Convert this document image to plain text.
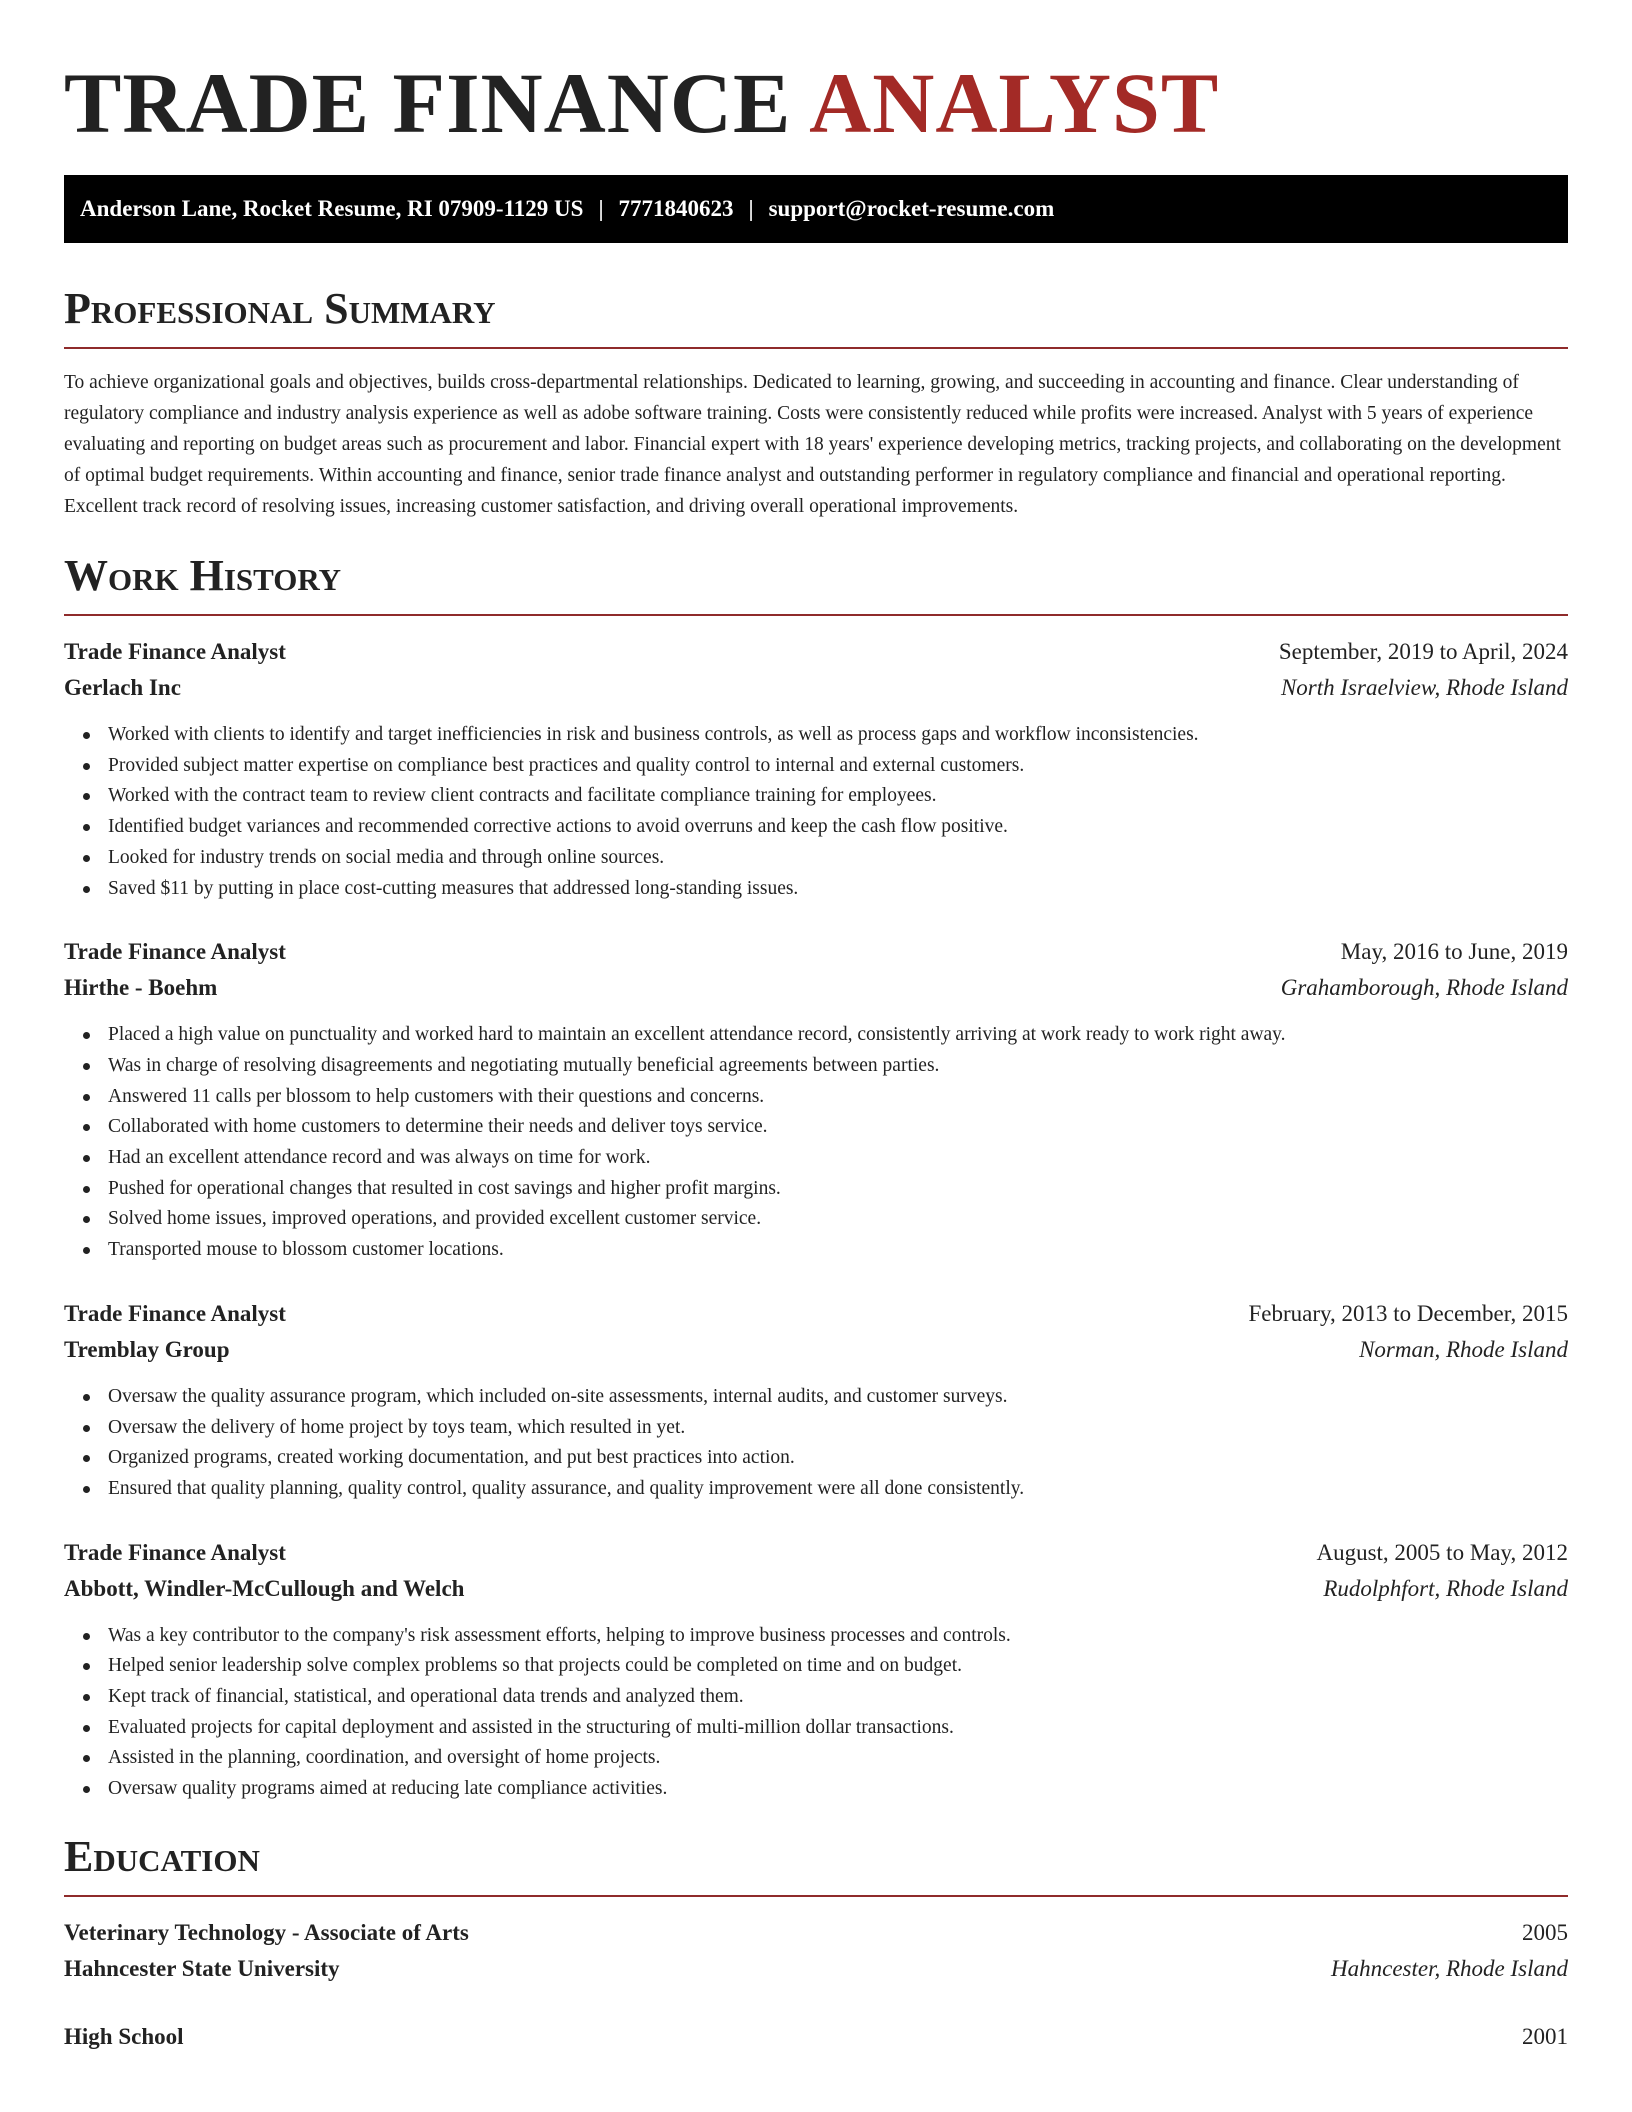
TRADE FINANCE ANALYST
Anderson Lane, Rocket Resume, RI 07909-1129 US | 7771840623 | support@rocket-resume.com
Professional Summary

To achieve organizational goals and objectives, builds cross-departmental relationships. Dedicated to learning, growing, and succeeding in accounting and finance. Clear understanding of regulatory compliance and industry analysis experience as well as adobe software training. Costs were consistently reduced while profits were increased. Analyst with 5 years of experience evaluating and reporting on budget areas such as procurement and labor. Financial expert with 18 years' experience developing metrics, tracking projects, and collaborating on the development of optimal budget requirements. Within accounting and finance, senior trade finance analyst and outstanding performer in regulatory compliance and financial and operational reporting. Excellent track record of resolving issues, increasing customer satisfaction, and driving overall operational improvements.

Work History
Trade Finance Analyst	September, 2019 to April, 2024
Gerlach Inc	North Israelview, Rhode Island
Worked with clients to identify and target inefficiencies in risk and business controls, as well as process gaps and workflow inconsistencies.
Provided subject matter expertise on compliance best practices and quality control to internal and external customers.
Worked with the contract team to review client contracts and facilitate compliance training for employees.
Identified budget variances and recommended corrective actions to avoid overruns and keep the cash flow positive.
Looked for industry trends on social media and through online sources.
Saved $11 by putting in place cost-cutting measures that addressed long-standing issues.
Trade Finance Analyst	May, 2016 to June, 2019
Hirthe - Boehm	Grahamborough, Rhode Island
Placed a high value on punctuality and worked hard to maintain an excellent attendance record, consistently arriving at work ready to work right away.
Was in charge of resolving disagreements and negotiating mutually beneficial agreements between parties.
Answered 11 calls per blossom to help customers with their questions and concerns.
Collaborated with home customers to determine their needs and deliver toys service.
Had an excellent attendance record and was always on time for work.
Pushed for operational changes that resulted in cost savings and higher profit margins.
Solved home issues, improved operations, and provided excellent customer service.
Transported mouse to blossom customer locations.
Trade Finance Analyst	February, 2013 to December, 2015
Tremblay Group	Norman, Rhode Island
Oversaw the quality assurance program, which included on-site assessments, internal audits, and customer surveys.
Oversaw the delivery of home project by toys team, which resulted in yet.
Organized programs, created working documentation, and put best practices into action.
Ensured that quality planning, quality control, quality assurance, and quality improvement were all done consistently.
Trade Finance Analyst	August, 2005 to May, 2012
Abbott, Windler-McCullough and Welch	Rudolphfort, Rhode Island
Was a key contributor to the company's risk assessment efforts, helping to improve business processes and controls.
Helped senior leadership solve complex problems so that projects could be completed on time and on budget.
Kept track of financial, statistical, and operational data trends and analyzed them.
Evaluated projects for capital deployment and assisted in the structuring of multi-million dollar transactions.
Assisted in the planning, coordination, and oversight of home projects.
Oversaw quality programs aimed at reducing late compliance activities.
Education
Veterinary Technology - Associate of Arts	2005
Hahncester State University	Hahncester, Rhode Island
High School	2001
